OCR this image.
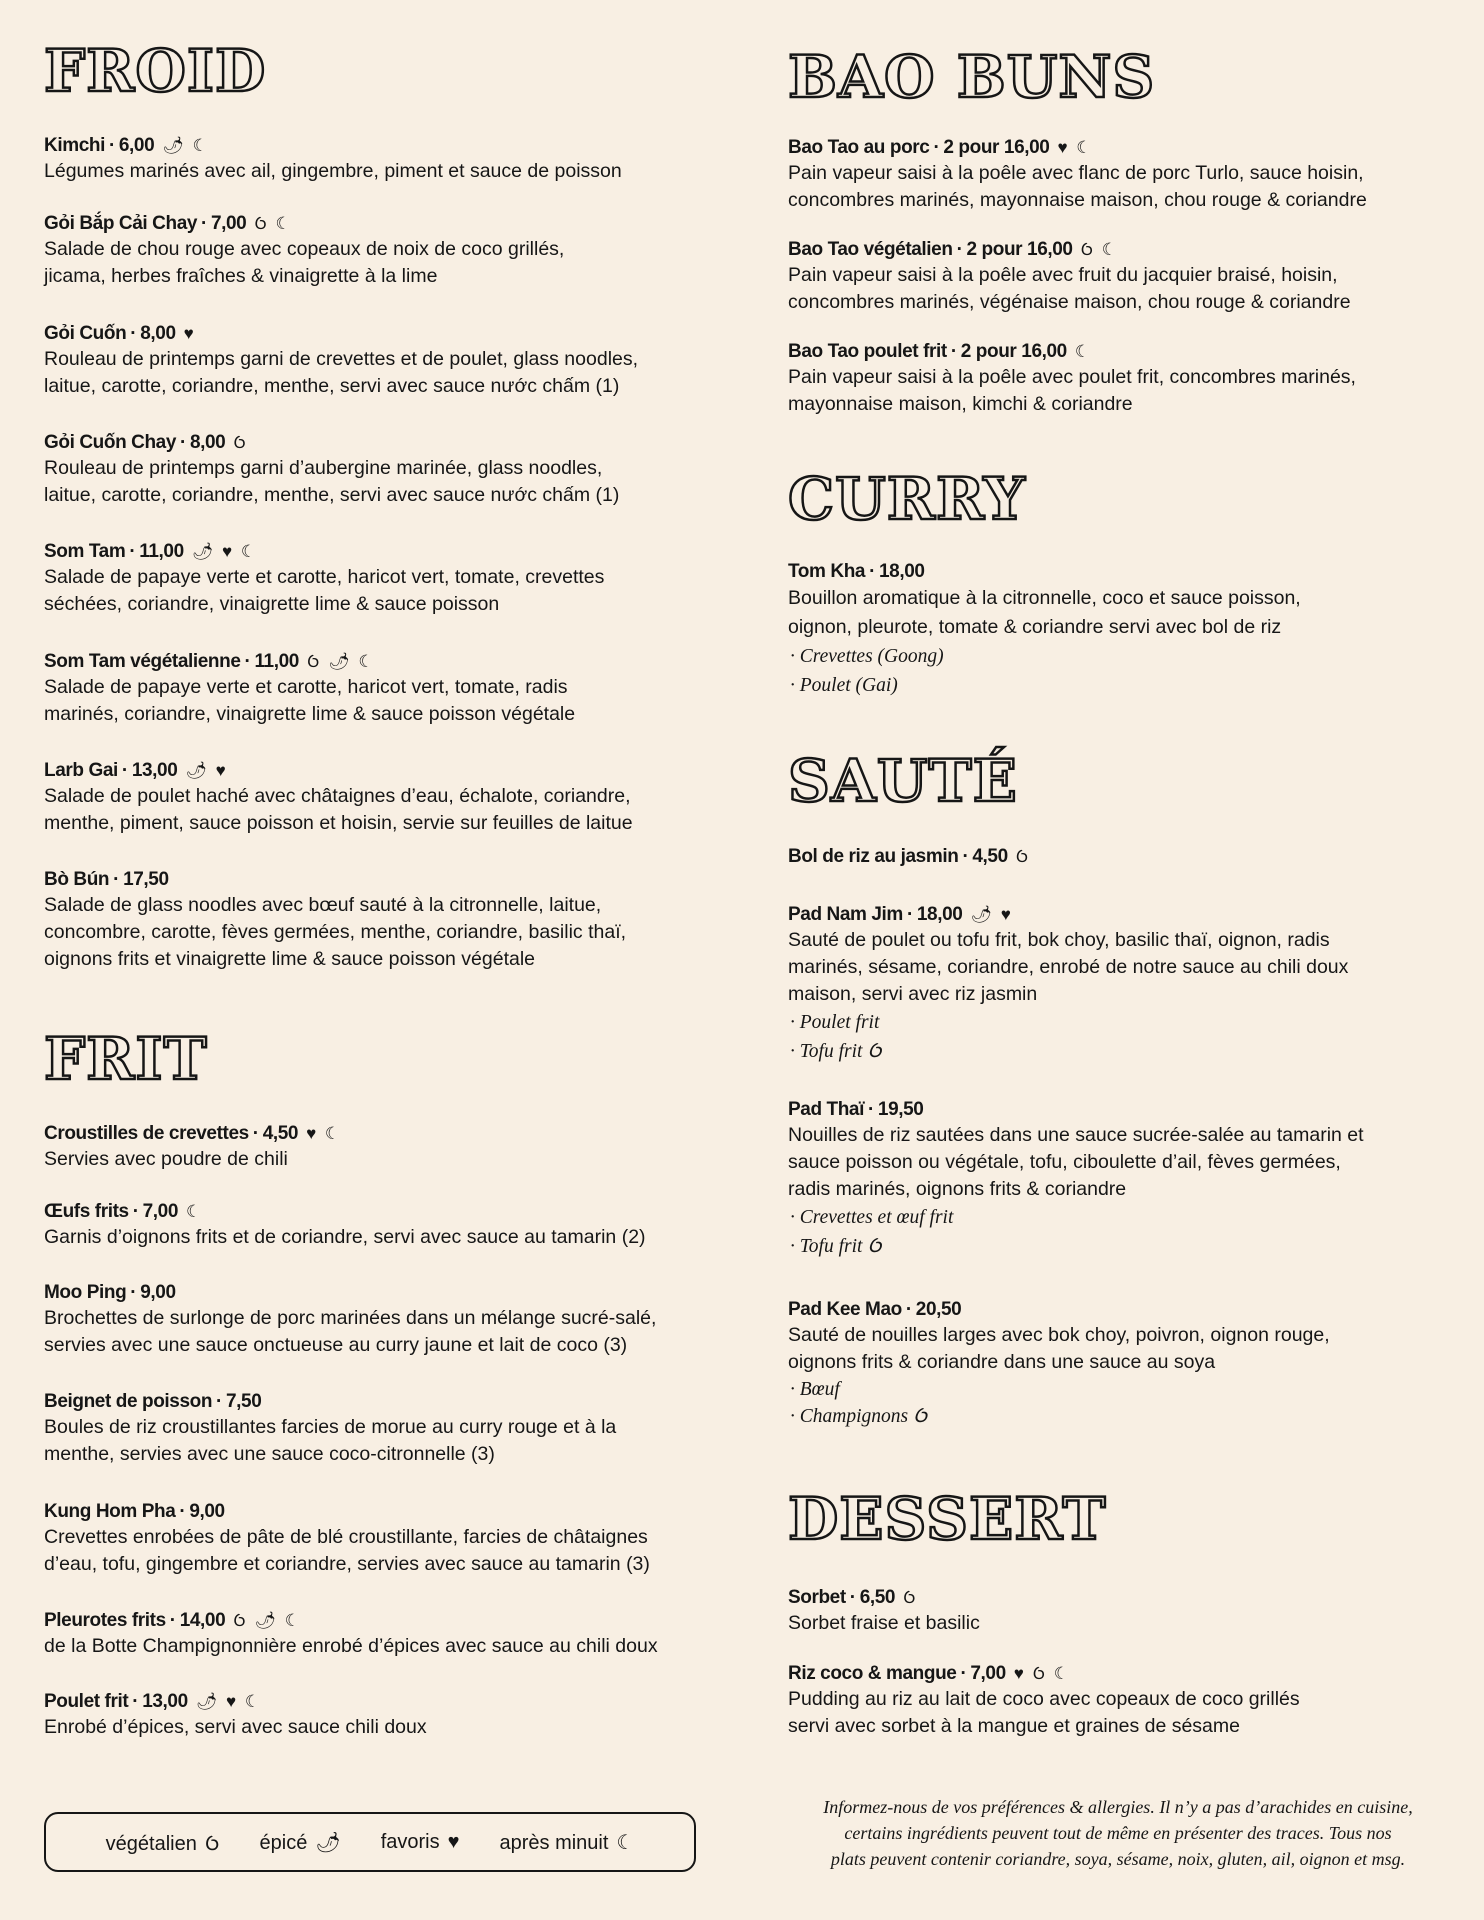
FROID
Kimchi · 6,00 🌶 ☾
Légumes marinés avec ail, gingembre, piment et sauce de poisson
Gỏi Bắp Cải Chay · 7,00 Ỽ ☾
Salade de chou rouge avec copeaux de noix de coco grillés,
jicama, herbes fraîches & vinaigrette à la lime
Gỏi Cuốn · 8,00 ♥
Rouleau de printemps garni de crevettes et de poulet, glass noodles,
laitue, carotte, coriandre, menthe, servi avec sauce nước chấm (1)
Gỏi Cuốn Chay · 8,00 Ỽ
Rouleau de printemps garni d’aubergine marinée, glass noodles,
laitue, carotte, coriandre, menthe, servi avec sauce nước chấm (1)
Som Tam · 11,00 🌶 ♥ ☾
Salade de papaye verte et carotte, haricot vert, tomate, crevettes
séchées, coriandre, vinaigrette lime & sauce poisson
Som Tam végétalienne · 11,00 Ỽ 🌶 ☾
Salade de papaye verte et carotte, haricot vert, tomate, radis
marinés, coriandre, vinaigrette lime & sauce poisson végétale
Larb Gai · 13,00 🌶 ♥
Salade de poulet haché avec châtaignes d’eau, échalote, coriandre,
menthe, piment, sauce poisson et hoisin, servie sur feuilles de laitue
Bò Bún · 17,50
Salade de glass noodles avec bœuf sauté à la citronnelle, laitue,
concombre, carotte, fèves germées, menthe, coriandre, basilic thaï,
oignons frits et vinaigrette lime & sauce poisson végétale
FRIT
Croustilles de crevettes · 4,50 ♥ ☾
Servies avec poudre de chili
Œufs frits · 7,00 ☾
Garnis d’oignons frits et de coriandre, servi avec sauce au tamarin (2)
Moo Ping · 9,00
Brochettes de surlonge de porc marinées dans un mélange sucré-salé,
servies avec une sauce onctueuse au curry jaune et lait de coco (3)
Beignet de poisson · 7,50
Boules de riz croustillantes farcies de morue au curry rouge et à la
menthe, servies avec une sauce coco-citronnelle (3)
Kung Hom Pha · 9,00
Crevettes enrobées de pâte de blé croustillante, farcies de châtaignes
d’eau, tofu, gingembre et coriandre, servies avec sauce au tamarin (3)
Pleurotes frits · 14,00 Ỽ 🌶 ☾
de la Botte Champignonnière enrobé d’épices avec sauce au chili doux
Poulet frit · 13,00 🌶 ♥ ☾
Enrobé d’épices, servi avec sauce chili doux
végétalien Ỽ épicé 🌶 favoris ♥ après minuit ☾
BAO BUNS
Bao Tao au porc · 2 pour 16,00 ♥ ☾
Pain vapeur saisi à la poêle avec flanc de porc Turlo, sauce hoisin,
concombres marinés, mayonnaise maison, chou rouge & coriandre
Bao Tao végétalien · 2 pour 16,00 Ỽ ☾
Pain vapeur saisi à la poêle avec fruit du jacquier braisé, hoisin,
concombres marinés, végénaise maison, chou rouge & coriandre
Bao Tao poulet frit · 2 pour 16,00 ☾
Pain vapeur saisi à la poêle avec poulet frit, concombres marinés,
mayonnaise maison, kimchi & coriandre
CURRY
Tom Kha · 18,00
Bouillon aromatique à la citronnelle, coco et sauce poisson,
oignon, pleurote, tomate & coriandre servi avec bol de riz
· Crevettes (Goong)
· Poulet (Gai)
SAUTÉ
Bol de riz au jasmin · 4,50 Ỽ
Pad Nam Jim · 18,00 🌶 ♥
Sauté de poulet ou tofu frit, bok choy, basilic thaï, oignon, radis
marinés, sésame, coriandre, enrobé de notre sauce au chili doux
maison, servi avec riz jasmin
· Poulet frit
· Tofu frit Ỽ
Pad Thaï · 19,50
Nouilles de riz sautées dans une sauce sucrée-salée au tamarin et
sauce poisson ou végétale, tofu, ciboulette d’ail, fèves germées,
radis marinés, oignons frits & coriandre
· Crevettes et œuf frit
· Tofu frit Ỽ
Pad Kee Mao · 20,50
Sauté de nouilles larges avec bok choy, poivron, oignon rouge,
oignons frits & coriandre dans une sauce au soya
· Bœuf
· Champignons Ỽ
DESSERT
Sorbet · 6,50 Ỽ
Sorbet fraise et basilic
Riz coco & mangue · 7,00 ♥ Ỽ ☾
Pudding au riz au lait de coco avec copeaux de coco grillés
servi avec sorbet à la mangue et graines de sésame
Informez-nous de vos préférences & allergies. Il n’y a pas d’arachides en cuisine,
certains ingrédients peuvent tout de même en présenter des traces. Tous nos
plats peuvent contenir coriandre, soya, sésame, noix, gluten, ail, oignon et msg.
